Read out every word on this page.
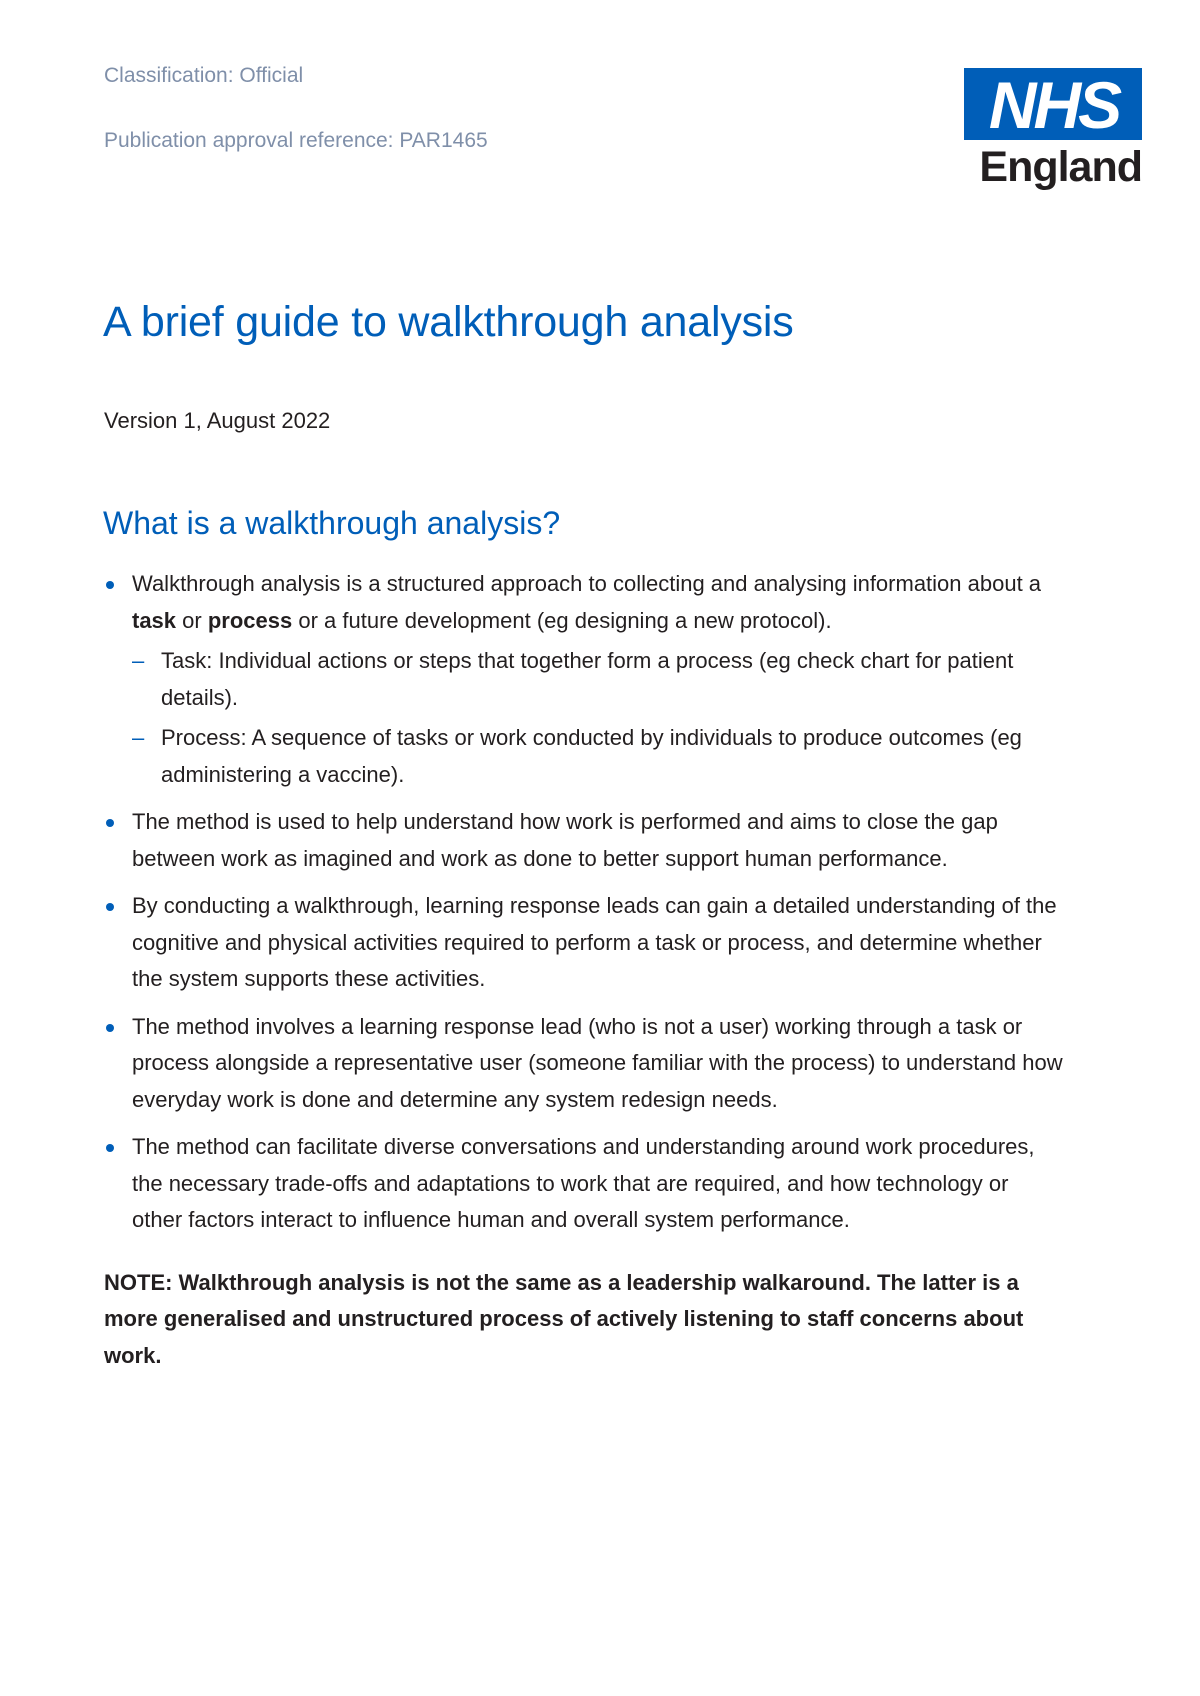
Classification: Official
Publication approval reference: PAR1465	NHS
England
A brief guide to walkthrough analysis
Version 1, August 2022
What is a walkthrough analysis?
Walkthrough analysis is a structured approach to collecting and analysing information about a task or process or a future development (eg designing a new protocol).
– Task: Individual actions or steps that together form a process (eg check chart for patient details).
– Process: A sequence of tasks or work conducted by individuals to produce outcomes (eg administering a vaccine).
The method is used to help understand how work is performed and aims to close the gap between work as imagined and work as done to better support human performance.
By conducting a walkthrough, learning response leads can gain a detailed understanding of the cognitive and physical activities required to perform a task or process, and determine whether the system supports these activities.
The method involves a learning response lead (who is not a user) working through a task or process alongside a representative user (someone familiar with the process) to understand how everyday work is done and determine any system redesign needs.
The method can facilitate diverse conversations and understanding around work procedures, the necessary trade-offs and adaptations to work that are required, and how technology or other factors interact to influence human and overall system performance.
NOTE: Walkthrough analysis is not the same as a leadership walkaround. The latter is a more generalised and unstructured process of actively listening to staff concerns about work.
